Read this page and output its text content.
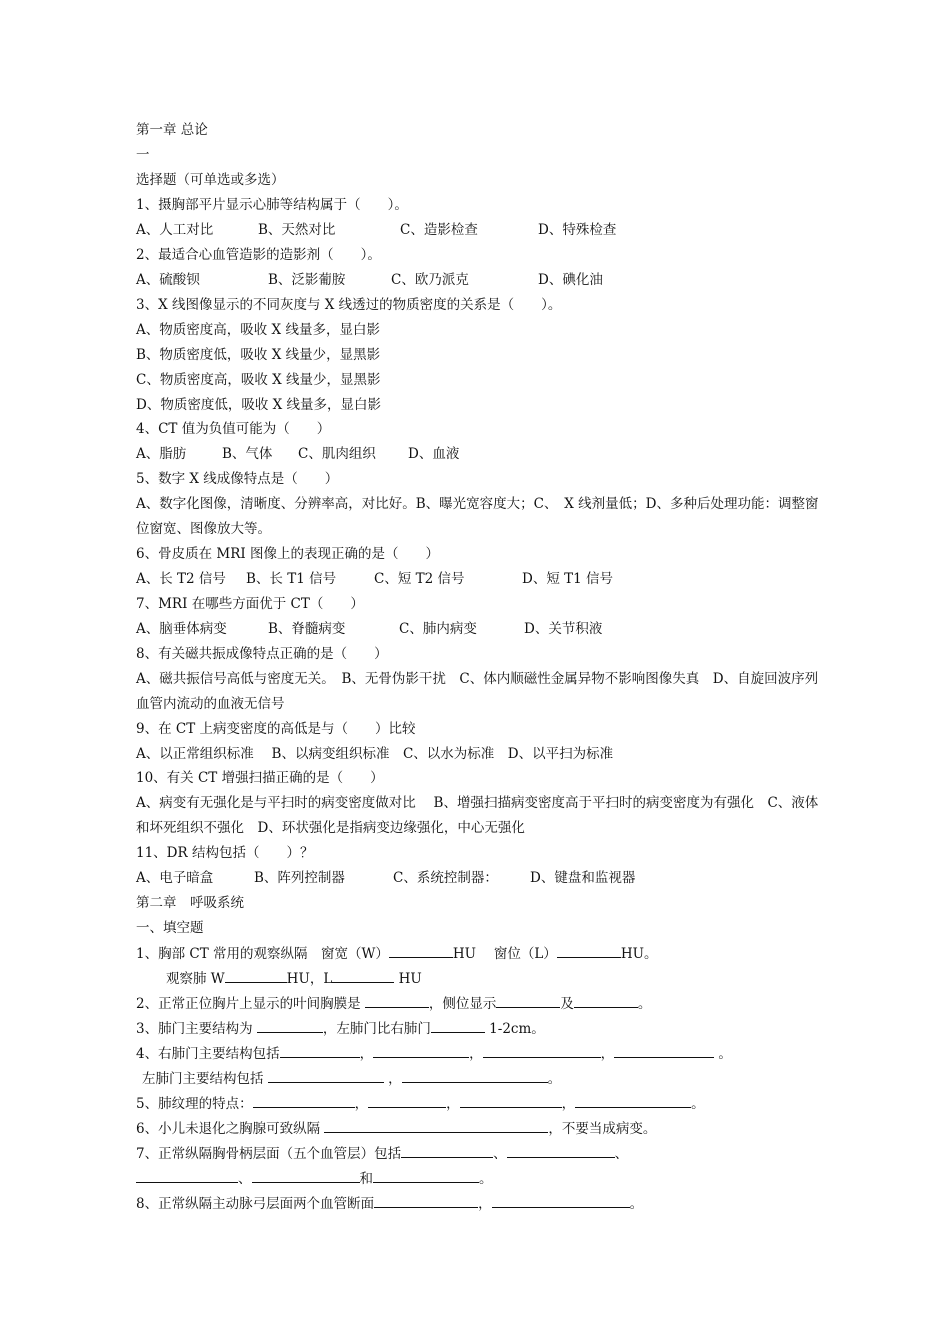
第一章 总论
一
选择题（可单选或多选）
1、摄胸部平片显示心肺等结构属于（　　）。
A、人工对比	B、天然对比	C、造影检查	D、特殊检查
2、最适合心血管造影的造影剂（　　）。
A、硫酸钡	B、泛影葡胺	C、欧乃派克	D、碘化油
3、X 线图像显示的不同灰度与 X 线透过的物质密度的关系是（　　）。
A、物质密度高，吸收 X 线量多，显白影
B、物质密度低，吸收 X 线量少，显黑影
C、物质密度高，吸收 X 线量少，显黑影
D、物质密度低，吸收 X 线量多，显白影
4、CT 值为负值可能为（　　）
A、脂肪	B、气体 C、肌肉组织 D、血液
5、数字 X 线成像特点是（　　）
A、数字化图像，清晰度、分辨率高，对比好。B、曝光宽容度大；C、　X 线剂量低；D、多种后处理功能：调整窗
位窗宽、图像放大等。
6、骨皮质在 MRI 图像上的表现正确的是（　　）
A、长 T2 信号 B、长 T1 信号	C、短 T2 信号	D、短 T1 信号
7、MRI 在哪些方面优于 CT（　　）
A、脑垂体病变	B、脊髓病变	C、肺内病变	D、关节积液
8、有关磁共振成像特点正确的是（　　）
A、磁共振信号高低与密度无关。　B、无骨伪影干扰　C、体内顺磁性金属异物不影响图像失真　D、自旋回波序列
血管内流动的血液无信号
9、在 CT 上病变密度的高低是与（　　）比较
A、以正常组织标准　 B、以病变组织标准　C、以水为标准　D、以平扫为标准
10、有关 CT 增强扫描正确的是（　　）
A、病变有无强化是与平扫时的病变密度做对比　 B、增强扫描病变密度高于平扫时的病变密度为有强化　C、液体
和坏死组织不强化　D、环状强化是指病变边缘强化，中心无强化
11、DR 结构包括（　　）？
A、电子暗盒	B、阵列控制器	C、系统控制器： D、键盘和监视器
第二章　呼吸系统
一、填空题
1、胸部 CT 常用的观察纵隔　窗宽（W）	HU　 窗位（L）	HU。
观察肺 W	HU，L	HU
2、正常正位胸片上显示的叶间胸膜是	，侧位显示	及	。
3、肺门主要结构为	，左肺门比右肺门	1-2cm。
4、右肺门主要结构包括	，	，	，	。
左肺门主要结构包括	，	。
5、肺纹理的特点：	，	，	，	。
6、小儿未退化之胸腺可致纵隔	，不要当成病变。
7、正常纵隔胸骨柄层面（五个血管层）包括	、	、
、	和	。
8、正常纵隔主动脉弓层面两个血管断面	，	。
